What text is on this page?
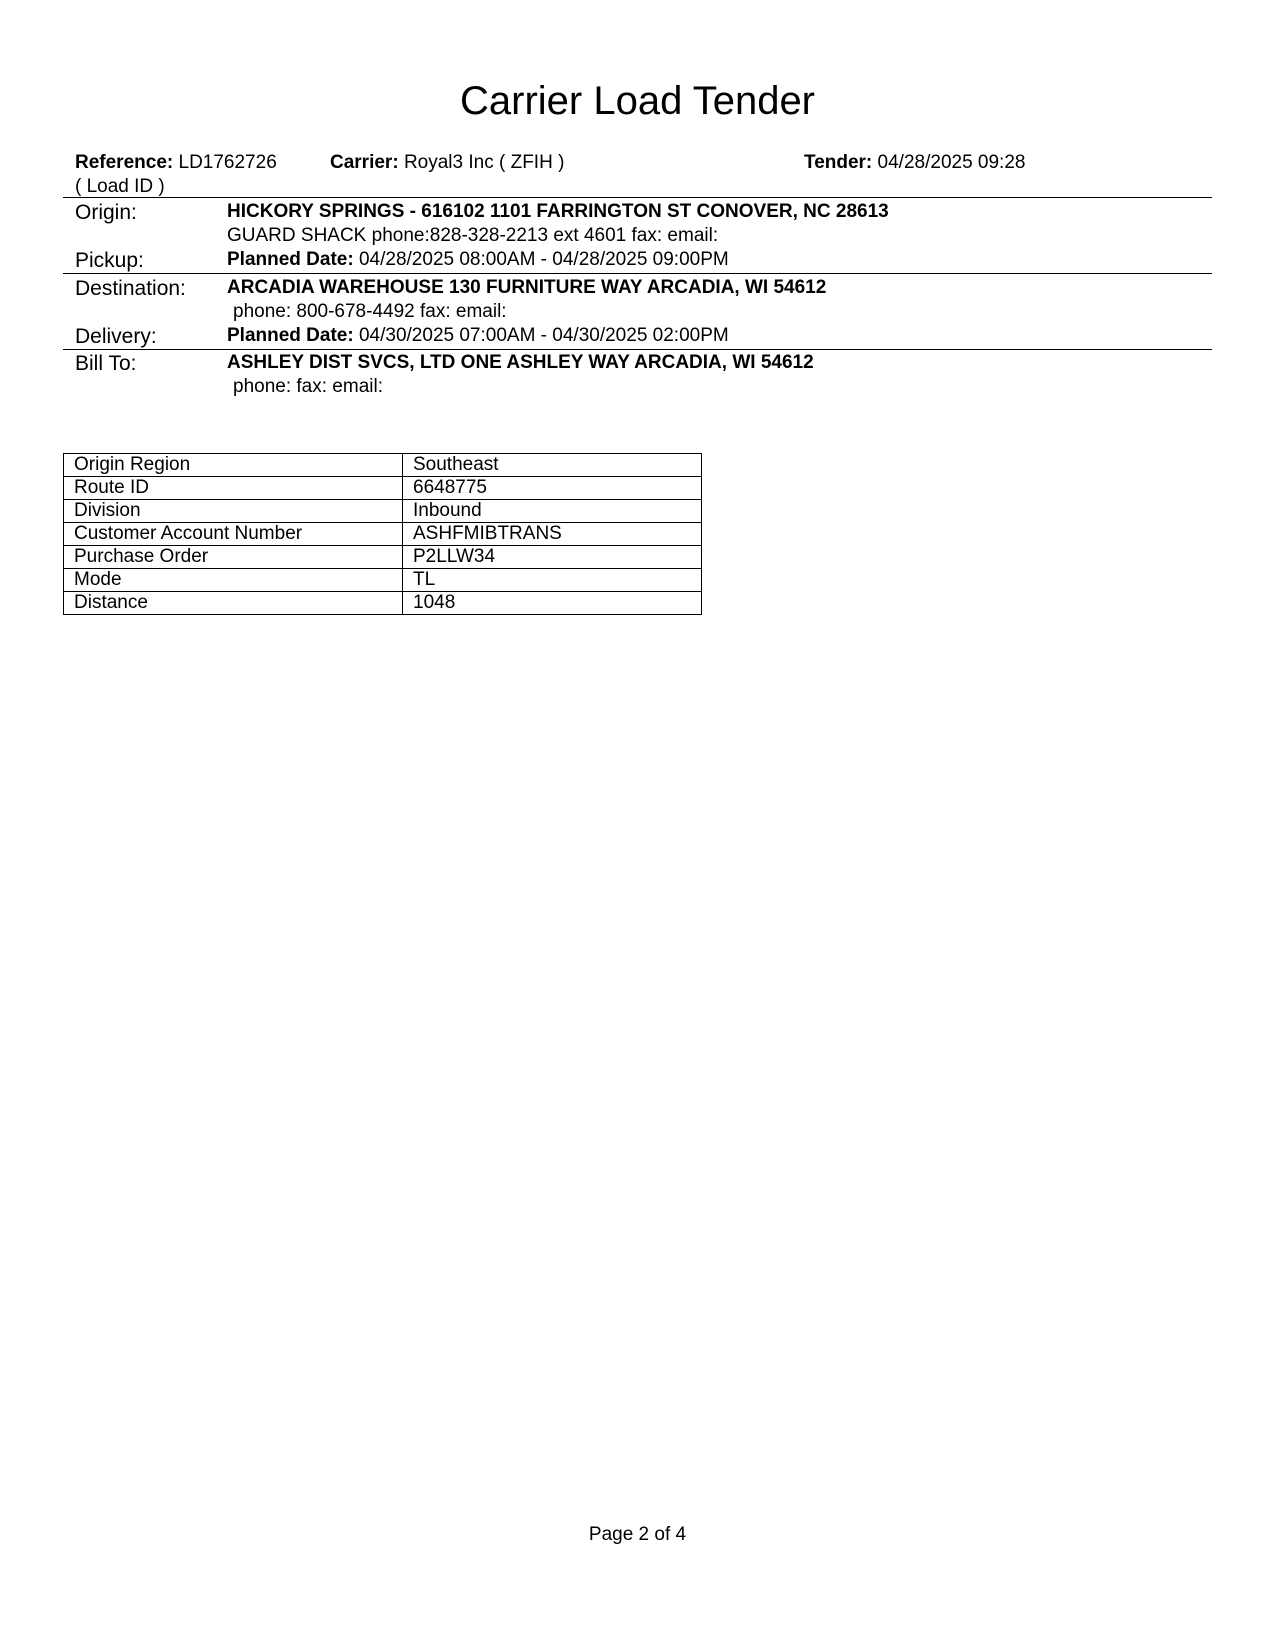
Carrier Load Tender
Reference: LD1762726
( Load ID )
Carrier: Royal3 Inc ( ZFIH )	Tender: 04/28/2025 09:28
Origin:	HICKORY SPRINGS - 616102 1101 FARRINGTON ST CONOVER, NC 28613
GUARD SHACK phone:828-328-2213 ext 4601 fax: email:
Pickup:	Planned Date: 04/28/2025 08:00AM - 04/28/2025 09:00PM
Destination: ARCADIA WAREHOUSE 130 FURNITURE WAY ARCADIA, WI 54612
phone: 800-678-4492 fax: email:
Delivery:	Planned Date: 04/30/2025 07:00AM - 04/30/2025 02:00PM
Bill To:	ASHLEY DIST SVCS, LTD ONE ASHLEY WAY ARCADIA, WI 54612
phone: fax: email:
Origin Region	Southeast
Route ID	6648775
Division	Inbound
Customer Account Number	ASHFMIBTRANS
Purchase Order	P2LLW34
Mode	TL
Distance	1048
Page 2 of 4
